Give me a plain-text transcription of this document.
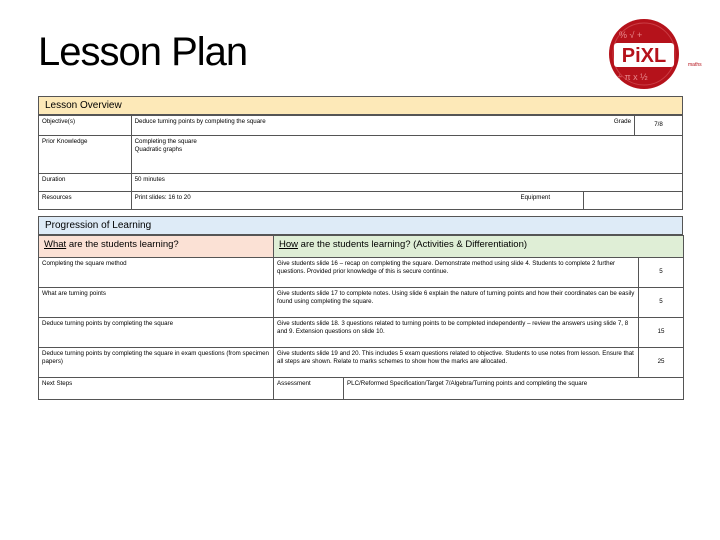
Lesson Plan	% √ +
÷ π x ½
PiXL	maths
Lesson Overview
Objective(s)	Deduce turning points by completing the square		Grade	7/8
Prior Knowledge	Completing the square
Quadratic graphs			

Duration	50 minutes			
Resources	Print slides: 16 to 20	Equipment		
Progression of Learning
What are the students learning?	How are the students learning? (Activities & Differentiation)		
Completing the square method	Give students slide 16 – recap on completing the square. Demonstrate method using slide 4. Students to complete 2 further questions. Provided prior knowledge of this is secure continue.		5
What are turning points	Give students slide 17 to complete notes. Using slide 6 explain the nature of turning points and how their coordinates can be easily found using completing the square.		5
Deduce turning points by completing the square	Give students slide 18. 3 questions related to turning points to be completed independently – review the answers using slide 7, 8 and 9. Extension questions on slide 10.		15
Deduce turning points by completing the square in exam questions (from specimen papers)	Give students slide 19 and 20. This includes 5 exam questions related to objective. Students to use notes from lesson. Ensure that all steps are shown. Relate to marks schemes to show how the marks are allocated.		25
Next Steps	Assessment	PLC/Reformed Specification/Target 7/Algebra/Turning points and completing the square	
